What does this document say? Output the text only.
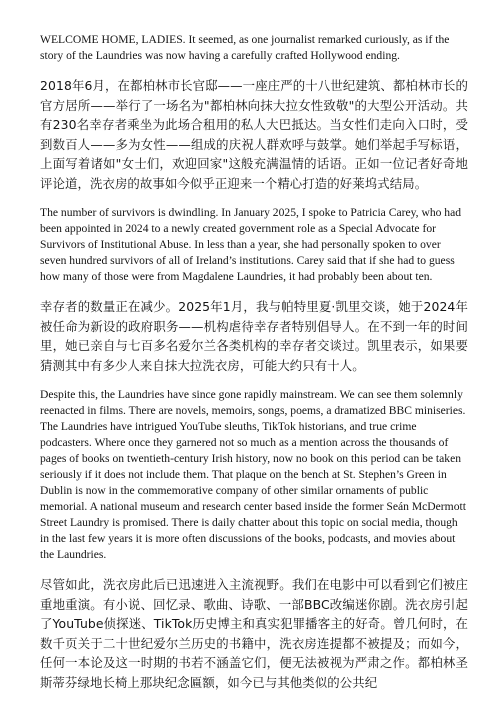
WELCOME HOME, LADIES. It seemed, as one journalist remarked curiously, as if the story of the Laundries was now having a carefully crafted Hollywood ending.

2018年6月，在都柏林市长官邸——一座庄严的十八世纪建筑、都柏林市长的官方居所——举行了一场名为"都柏林向抹大拉女性致敬"的大型公开活动。共有230名幸存者乘坐为此场合租用的私人大巴抵达。当女性们走向入口时，受到数百人——多为女性——组成的庆祝人群欢呼与鼓掌。她们举起手写标语，上面写着诸如"女士们，欢迎回家"这般充满温情的话语。正如一位记者好奇地评论道，洗衣房的故事如今似乎正迎来一个精心打造的好莱坞式结局。

The number of survivors is dwindling. In January 2025, I spoke to Patricia Carey, who had been appointed in 2024 to a newly created government role as a Special Advocate for Survivors of Institutional Abuse. In less than a year, she had personally spoken to over seven hundred survivors of all of Ireland’s institutions. Carey said that if she had to guess how many of those were from Magdalene Laundries, it had probably been about ten.

幸存者的数量正在减少。2025年1月，我与帕特里夏·凯里交谈，她于2024年被任命为新设的政府职务——机构虐待幸存者特别倡导人。在不到一年的时间里，她已亲自与七百多名爱尔兰各类机构的幸存者交谈过。凯里表示，如果要猜测其中有多少人来自抹大拉洗衣房，可能大约只有十人。

Despite this, the Laundries have since gone rapidly mainstream. We can see them solemnly reenacted in films. There are novels, memoirs, songs, poems, a dramatized BBC miniseries. The Laundries have intrigued YouTube sleuths, TikTok historians, and true crime podcasters. Where once they garnered not so much as a mention across the thousands of pages of books on twentieth-century Irish history, now no book on this period can be taken seriously if it does not include them. That plaque on the bench at St. Stephen’s Green in Dublin is now in the commemorative company of other similar ornaments of public memorial. A national museum and research center based inside the former Seán McDermott Street Laundry is promised. There is daily chatter about this topic on social media, though in the last few years it is more often discussions of the books, podcasts, and movies about the Laundries.

尽管如此，洗衣房此后已迅速进入主流视野。我们在电影中可以看到它们被庄重地重演。有小说、回忆录、歌曲、诗歌、一部BBC改编迷你剧。洗衣房引起了YouTube侦探迷、TikTok历史博主和真实犯罪播客主的好奇。曾几何时，在数千页关于二十世纪爱尔兰历史的书籍中，洗衣房连提都不被提及；而如今，任何一本论及这一时期的书若不涵盖它们，便无法被视为严肃之作。都柏林圣斯蒂芬绿地长椅上那块纪念匾额，如今已与其他类似的公共纪
